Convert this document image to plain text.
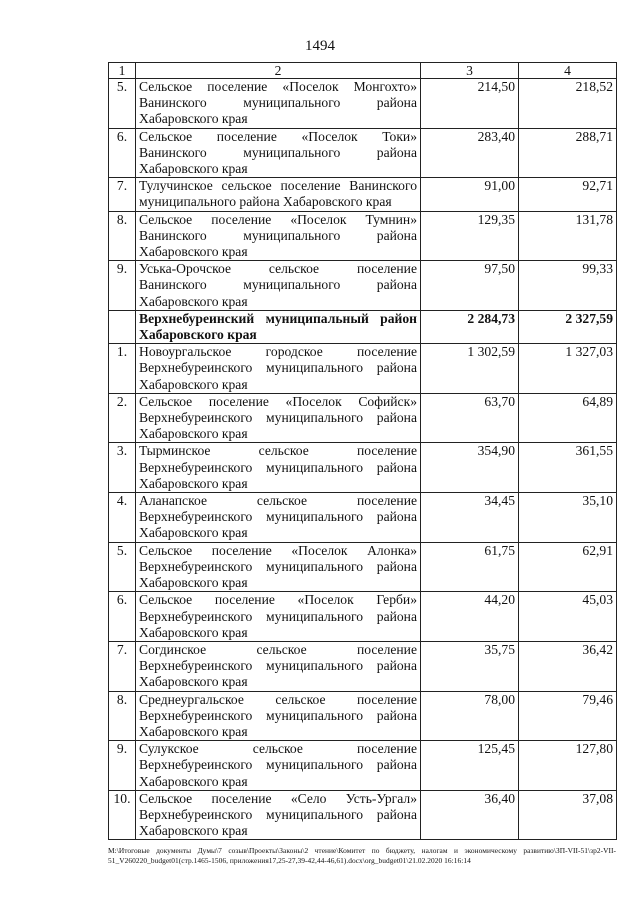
1494
1	2	3	4
5.	Сельское поселение «Поселок Монгохто» Ванинского муниципального района Хабаровского края	214,50	218,52
6.	Сельское поселение «Поселок Токи» Ванинского муниципального района Хабаровского края	283,40	288,71
7.	Тулучинское сельское поселение Ванинского муниципального района Хабаровского края	91,00	92,71
8.	Сельское поселение «Поселок Тумнин» Ванинского муниципального района Хабаровского края	129,35	131,78
9.	Уська-Орочское сельское поселение Ванинского муниципального района Хабаровского края	97,50	99,33
	Верхнебуреинский муниципальный район Хабаровского края	2 284,73	2 327,59
1.	Новоургальское городское поселение Верхнебуреинского муниципального района Хабаровского края	1 302,59	1 327,03
2.	Сельское поселение «Поселок Софийск» Верхнебуреинского муниципального района Хабаровского края	63,70	64,89
3.	Тырминское сельское поселение Верхнебуреинского муниципального района Хабаровского края	354,90	361,55
4.	Аланапское сельское поселение Верхнебуреинского муниципального района Хабаровского края	34,45	35,10
5.	Сельское поселение «Поселок Алонка» Верхнебуреинского муниципального района Хабаровского края	61,75	62,91
6.	Сельское поселение «Поселок Герби» Верхнебуреинского муниципального района Хабаровского края	44,20	45,03
7.	Согдинское сельское поселение Верхнебуреинского муниципального района Хабаровского края	35,75	36,42
8.	Среднеургальское сельское поселение Верхнебуреинского муниципального района Хабаровского края	78,00	79,46
9.	Сулукское сельское поселение Верхнебуреинского муниципального района Хабаровского края	125,45	127,80
10.	Сельское поселение «Село Усть-Ургал» Верхнебуреинского муниципального района Хабаровского края	36,40	37,08
М:\Итоговые документы Думы\7 созыв\Проекты\Законы\2 чтение\Комитет по бюджету, налогам и экономическому развитию\ЗП-VII-51\зр2-VII-51_V260220_budget01(стр.1465-1506, приложения17,25-27,39-42,44-46,61).docx\org_budget01\21.02.2020 16:16:14
